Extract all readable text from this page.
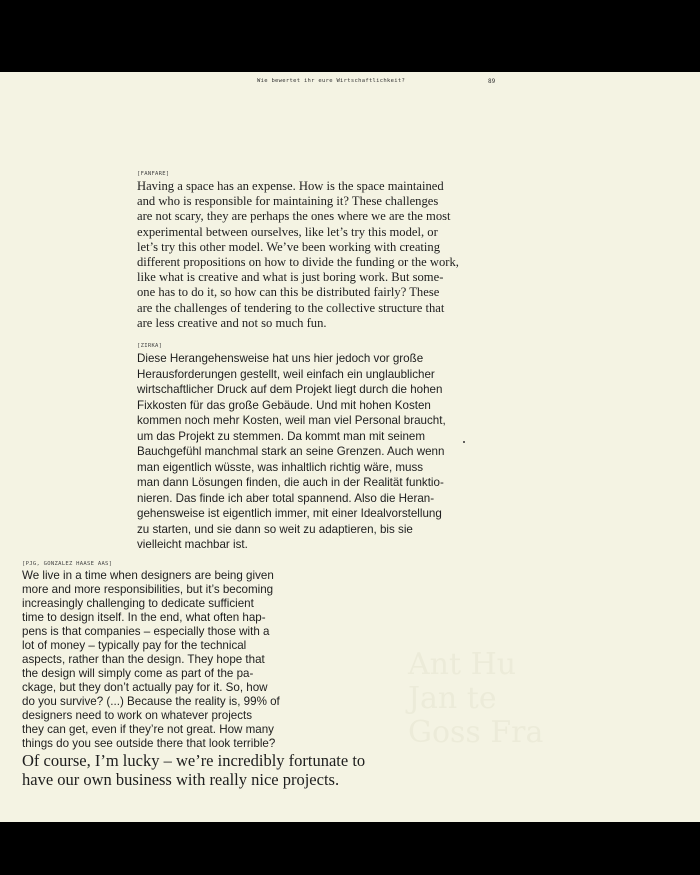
Ant Hu
Jan te
Goss Fra
Wie bewertet ihr eure Wirtschaftlichkeit?	89
[FANFARE]

Having a space has an expense. How is the space maintained

and who is responsible for maintaining it? These challenges

are not scary, they are perhaps the ones where we are the most

experimental between ourselves, like let’s try this model, or

let’s try this other model. We’ve been working with creating

different propositions on how to divide the funding or the work,

like what is creative and what is just boring work. But some-

one has to do it, so how can this be distributed fairly? These

are the challenges of tendering to the collective structure that

are less creative and not so much fun.

[ZIRKA]

Diese Herangehensweise hat uns hier jedoch vor große

Herausforderungen gestellt, weil einfach ein unglaublicher

wirtschaftlicher Druck auf dem Projekt liegt durch die hohen

Fixkosten für das große Gebäude. Und mit hohen Kosten

kommen noch mehr Kosten, weil man viel Personal braucht,

um das Projekt zu stemmen. Da kommt man mit seinem

Bauchgefühl manchmal stark an seine Grenzen. Auch wenn

man eigentlich wüsste, was inhaltlich richtig wäre, muss

man dann Lösungen finden, die auch in der Realität funktio-

nieren. Das finde ich aber total spannend. Also die Heran-

gehensweise ist eigentlich immer, mit einer Idealvorstellung

zu starten, und sie dann so weit zu adaptieren, bis sie

vielleicht machbar ist.

[PJG, GONZALEZ HAASE AAS]

We live in a time when designers are being given

more and more responsibilities, but it’s becoming

increasingly challenging to dedicate sufficient

time to design itself. In the end, what often hap-

pens is that companies – especially those with a

lot of money – typically pay for the technical

aspects, rather than the design. They hope that

the design will simply come as part of the pa-

ckage, but they don’t actually pay for it. So, how

do you survive? (...) Because the reality is, 99% of

designers need to work on whatever projects

they can get, even if they’re not great. How many

things do you see outside there that look terrible?

Of course, I’m lucky – we’re incredibly fortunate to

have our own business with really nice projects.
